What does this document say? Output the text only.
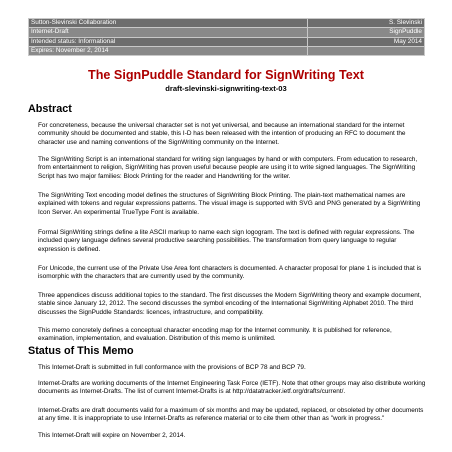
Sutton-Slevinski Collaboration	S. Slevinski
Internet-Draft	SignPuddle
Intended status: Informational	May 2014
Expires: November 2, 2014	
The SignPuddle Standard for SignWriting Text
draft-slevinski-signwriting-text-03
Abstract

For concreteness, because the universal character set is not yet universal, and because an international standard for the internet community should be documented and stable, this I-D has been released with the intention of producing an RFC to document the character use and naming conventions of the SignWriting community on the Internet.

The SignWriting Script is an international standard for writing sign languages by hand or with computers. From education to research, from entertainment to religion, SignWriting has proven useful because people are using it to write signed languages. The SignWriting Script has two major families: Block Printing for the reader and Handwriting for the writer.

The SignWriting Text encoding model defines the structures of SignWriting Block Printing. The plain-text mathematical names are explained with tokens and regular expressions patterns. The visual image is supported with SVG and PNG generated by a SignWriting Icon Server. An experimental TrueType Font is available.

Formal SignWriting strings define a lite ASCII markup to name each sign logogram. The text is defined with regular expressions. The included query language defines several productive searching possibilities. The transformation from query language to regular expression is defined.

For Unicode, the current use of the Private Use Area font characters is documented. A character proposal for plane 1 is included that is isomorphic with the characters that are currently used by the community.

Three appendices discuss additional topics to the standard. The first discusses the Modern SignWriting theory and example document, stable since January 12, 2012. The second discusses the symbol encoding of the International SignWriting Alphabet 2010. The third discusses the SignPuddle Standards: licences, infrastructure, and compatibility.

This memo concretely defines a conceptual character encoding map for the Internet community. It is published for reference, examination, implementation, and evaluation. Distribution of this memo is unlimited.

Status of This Memo

This Internet-Draft is submitted in full conformance with the provisions of BCP 78 and BCP 79.

Internet-Drafts are working documents of the Internet Engineering Task Force (IETF). Note that other groups may also distribute working documents as Internet-Drafts. The list of current Internet-Drafts is at http://datatracker.ietf.org/drafts/current/.

Internet-Drafts are draft documents valid for a maximum of six months and may be updated, replaced, or obsoleted by other documents at any time. It is inappropriate to use Internet-Drafts as reference material or to cite them other than as "work in progress."

This Internet-Draft will expire on November 2, 2014.
